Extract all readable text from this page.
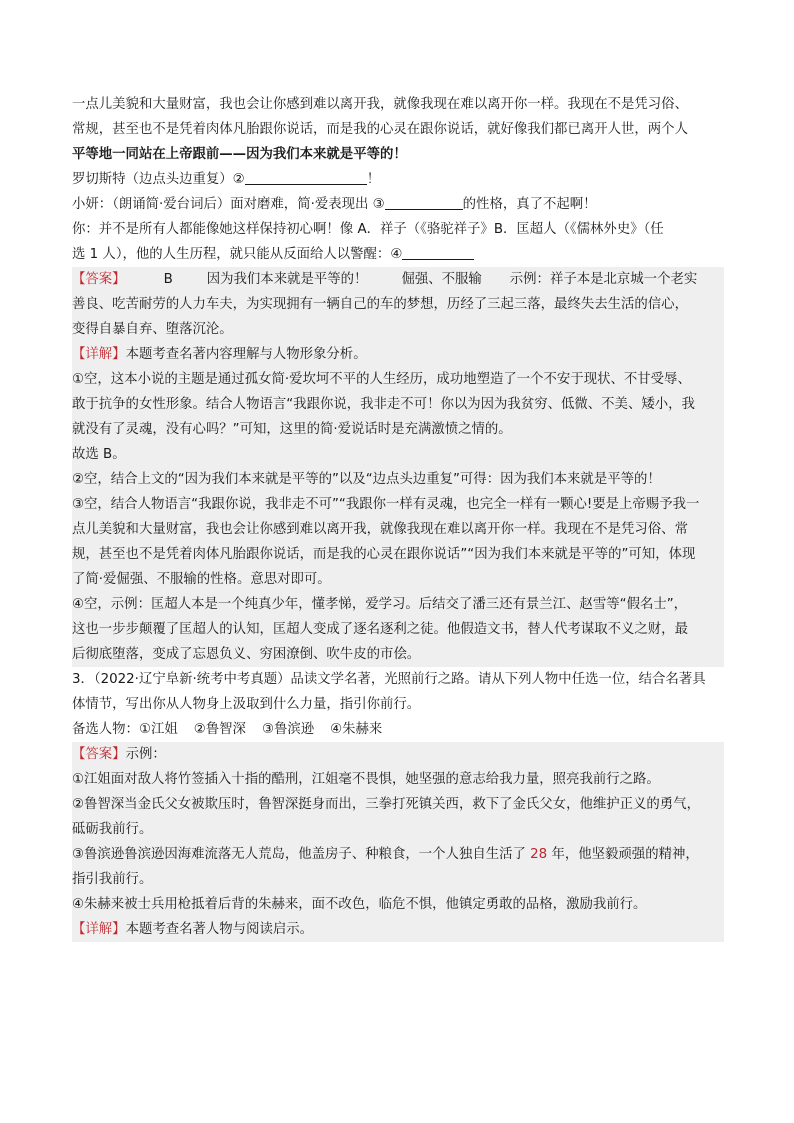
一点儿美貌和大量财富，我也会让你感到难以离开我，就像我现在难以离开你一样。我现在不是凭习俗、

常规，甚至也不是凭着肉体凡胎跟你说话，而是我的心灵在跟你说话，就好像我们都已离开人世，两个人

平等地一同站在上帝跟前——因为我们本来就是平等的！

罗切斯特（边点头边重复）②	！

小妍：（朗诵简·爱台词后）面对磨难，简·爱表现出 ③	的性格，真了不起啊！

你：并不是所有人都能像她这样保持初心啊！像 A．祥子（《骆驼祥子》B．匡超人（《儒林外史》（任

选 1 人），他的人生历程，就只能从反面给人以警醒：④

【答案】	B	因为我们本来就是平等的！	倔强、不服输 示例：祥子本是北京城一个老实

善良、吃苦耐劳的人力车夫，为实现拥有一辆自己的车的梦想，历经了三起三落，最终失去生活的信心，

变得自暴自弃、堕落沉沦。

【详解】本题考查名著内容理解与人物形象分析。

①空，这本小说的主题是通过孤女简·爱坎坷不平的人生经历，成功地塑造了一个不安于现状、不甘受辱、

敢于抗争的女性形象。结合人物语言“我跟你说，我非走不可！你以为因为我贫穷、低微、不美、矮小，我

就没有了灵魂，没有心吗？”可知，这里的简·爱说话时是充满激愤之情的。

故选 B。

②空，结合上文的“因为我们本来就是平等的”以及“边点头边重复”可得：因为我们本来就是平等的！

③空，结合人物语言“我跟你说，我非走不可”“我跟你一样有灵魂，也完全一样有一颗心!要是上帝赐予我一

点儿美貌和大量财富，我也会让你感到难以离开我，就像我现在难以离开你一样。我现在不是凭习俗、常

规，甚至也不是凭着肉体凡胎跟你说话，而是我的心灵在跟你说话”“因为我们本来就是平等的”可知，体现

了简·爱倔强、不服输的性格。意思对即可。

④空，示例：匡超人本是一个纯真少年，懂孝悌，爱学习。后结交了潘三还有景兰江、赵雪等“假名士”，

这也一步步颠覆了匡超人的认知，匡超人变成了逐名逐利之徒。他假造文书，替人代考谋取不义之财，最

后彻底堕落，变成了忘恩负义、穷困潦倒、吹牛皮的市侩。

3．（2022·辽宁阜新·统考中考真题）品读文学名著，光照前行之路。请从下列人物中任选一位，结合名著具

体情节，写出你从人物身上汲取到什么力量，指引你前行。

备选人物：①江姐 ②鲁智深 ③鲁滨逊 ④朱赫来

【答案】示例：

①江姐面对敌人将竹签插入十指的酷刑，江姐毫不畏惧，她坚强的意志给我力量，照亮我前行之路。

②鲁智深当金氏父女被欺压时，鲁智深挺身而出，三拳打死镇关西，救下了金氏父女，他维护正义的勇气，

砥砺我前行。

③鲁滨逊鲁滨逊因海难流落无人荒岛，他盖房子、种粮食，一个人独自生活了 28 年，他坚毅顽强的精神，

指引我前行。

④朱赫来被士兵用枪抵着后背的朱赫来，面不改色，临危不惧，他镇定勇敢的品格，激励我前行。

【详解】本题考查名著人物与阅读启示。
